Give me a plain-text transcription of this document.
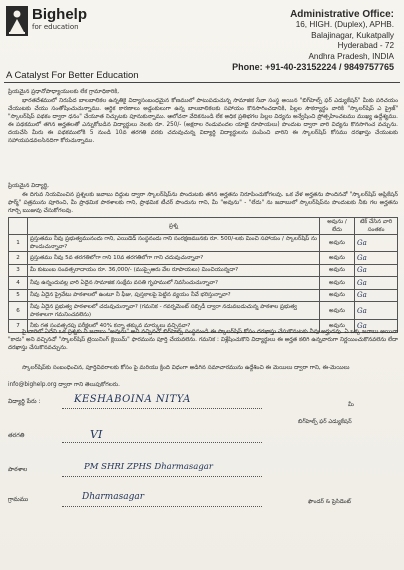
Bighelp
for education
A Catalyst For Better Education
Administrative Office:
16, HIGH. (Duplex), APHB.
Balajinagar, Kukatpally
Hyderabad - 72
Andhra Pradesh, INDIA
Phone: +91-40-23152224 / 9849757765
ప్రియమైన ప్రధానోపాధ్యాయులకు లేక గ్రామాధికారికి,
భారతదేశములో నిరుపేద బాలబాలికల ఉన్నతికై విద్యాసంబంధమైన కోణములో పాటుపడుచున్న సామాజిక సేవా సంస్థ అయిన "బిగ్‌హెల్ప్ ఫర్ ఎడ్యుకేషన్" మీకు పరిచయం చేయుటకు చేయు సంతోషించుచున్నాము. ఆర్థిక కారణాలు అడ్డంకులుగా ఉన్న బాలబాలికలకు సహాయం కొనసాగించడానికి, పిల్లల సౌకర్యార్థం వారికి "స్కాలర్‌షిప్ ఎ ప్రైజ్" "స్కాలర్‌షిప్ పథకం ద్వారా ధనం" చేయూత నిచ్చుటకు పూనుకున్నాము. ఆలోచనా వేదికనుండి లేక అధిక ప్రతిభగల పిల్లల విద్యను అన్వేషించి ప్రోత్సహించటము ముఖ్య ఉద్దేశ్యము. ఈ పథకములో తగిన అర్హతలతో ఎన్నుకోబడిన విద్యార్థులు నెలకు రూ. 250/- (అక్షరాల రెండువందల యాభై రూపాయలు) పొందుట ద్వారా వారి విద్యను కొనసాగించ వచ్చును. దయచేసి మీరు ఈ పథకములోకి 5 నుండి 10వ తరగతి వరకు చదువుచున్న విద్యార్థి విద్యార్థులను పంపించి వారిని ఈ స్కాలర్‌షిప్ కోసము దరఖాస్తు చేయుటకు సహాయపడవలసినదిగా కోరుచున్నాము.
ప్రియమైన విద్యార్థి,
ఈ దిగువ నియమించిన ప్రశ్నలకు జవాబు దిద్దుట ద్వారా స్కాలర్‌షిప్‌ను పొందుటకు తగిన అర్హతను నిరూపించుకోగలవు. ఒక వేళ అర్హతను పొందినచో "స్కాలర్‌షిప్ అప్లికేషన్ ఫార్మ్" పత్రమును పూరించి, మీ ప్రాథమిక పాఠశాలకు గాని, ప్రాథమిక టీచర్ పొందును గాని, మీ "అవును" - "లేదు" ను జవాబులో స్కాలర్‌షిప్‌ను పొందుటకు నీకు గల అర్హతను గూర్చి ఋజువు చేసుకోగలవు.
	ప్రశ్న	అవును / లేదు	టిక్ చేసిన వారి సంతకం
1	ప్రస్తుతము నీవు ప్రభుత్వమునందు గాని, ఎయిడెడ్ సంస్థనందు గాని సంరక్షణమునకు రూ. 500/-లకు మించి సహాయం / స్కాలర్‌షిప్ ను పొందుచున్నావా?	అవును	Ga
2	ప్రస్తుతము నీవు 5వ తరగతిలోగా గాని 10వ తరగతిలోగా గాని చదువుచున్నావా?	అవును	Ga
3	మీ కుటుంబ సంవత్సరాదాయం రూ. 36,000/- (ముప్పైఆరు వేల రూపాయలు) మించియున్నదా?	అవును	Ga
4	నీవు ఉన్నందువల్ల వారి ఏదైన సామాజిక సంక్షేమ వసతి గృహములో నివసించుచున్నావా?	అవును	Ga
5	నీవు ఏదైన ప్రైవేటు పాఠశాలలో ఉంటూ నీ ఫీజు, పుస్తకాలపై పెట్టిన వ్యయం నీవే భరిస్తున్నావా?	అవును	Ga
6	నీవు ఏదైన ప్రభుత్వ పాఠశాలలో చదువుచున్నావా? (గమనిక - గవర్నమెంట్ సబ్సిడీ ద్వారా నడువబడుచున్న పాఠశాల ప్రభుత్వ పాఠశాలగా గమనించవలెను)	అవును	Ga
7	నీకు గత సంవత్సరపు పరీక్షలలో 40% కన్నా తక్కువ మార్కులు వచ్చినవా?	అవును	Ga
పై వారిలో ఏదేని ఒక ప్రశ్నకు నీ జవాబు "అవును" అని వచ్చినచో బిగ్‌హెల్ప్ సంస్థనుండి ఈ స్కాలర్‌షిప్ కోసం దరఖాస్తు చేసుకొనుటకు నీవు అర్హుడవు. ఏ ఒక్క జవాబు అయినా "కాదు" అని వచ్చినచో "స్కాలర్‌షిప్ ట్రెయినింగ్ క్లెయిమ్" ఫారమును పూర్తి చేయవలెను. గమనిక : విశ్లేషించుకొని విద్యార్థులు ఈ అర్హత కలిగి ఉన్నవారుగా నిర్ణయించుకొనవలెను లేదా దరఖాస్తు చేసుకొనవచ్చును.
స్కాలర్‌షిప్‌కు సంబంధించిన, పూర్తివివరాలకు కోసం పై మరియు క్రింది విధంగా అడిగిన సమాచారమును ఉద్దేశించి ఈ మెయిలు ద్వారా గాని, ఈ-మెయిలు
info@bighelp.org ద్వారా గాని తెలుపుకోగలరు.
విద్యార్థి పేరు :	KESHABOINA NITYA	మీ
బిగ్‌హెల్ప్ ఫర్ ఎడ్యుకేషన్
తరగతి	VI
పాఠశాల	PM SHRI ZPHS Dharmasagar
గ్రామము	Dharmasagar	ఫౌండర్ & ప్రెసిడెంట్
